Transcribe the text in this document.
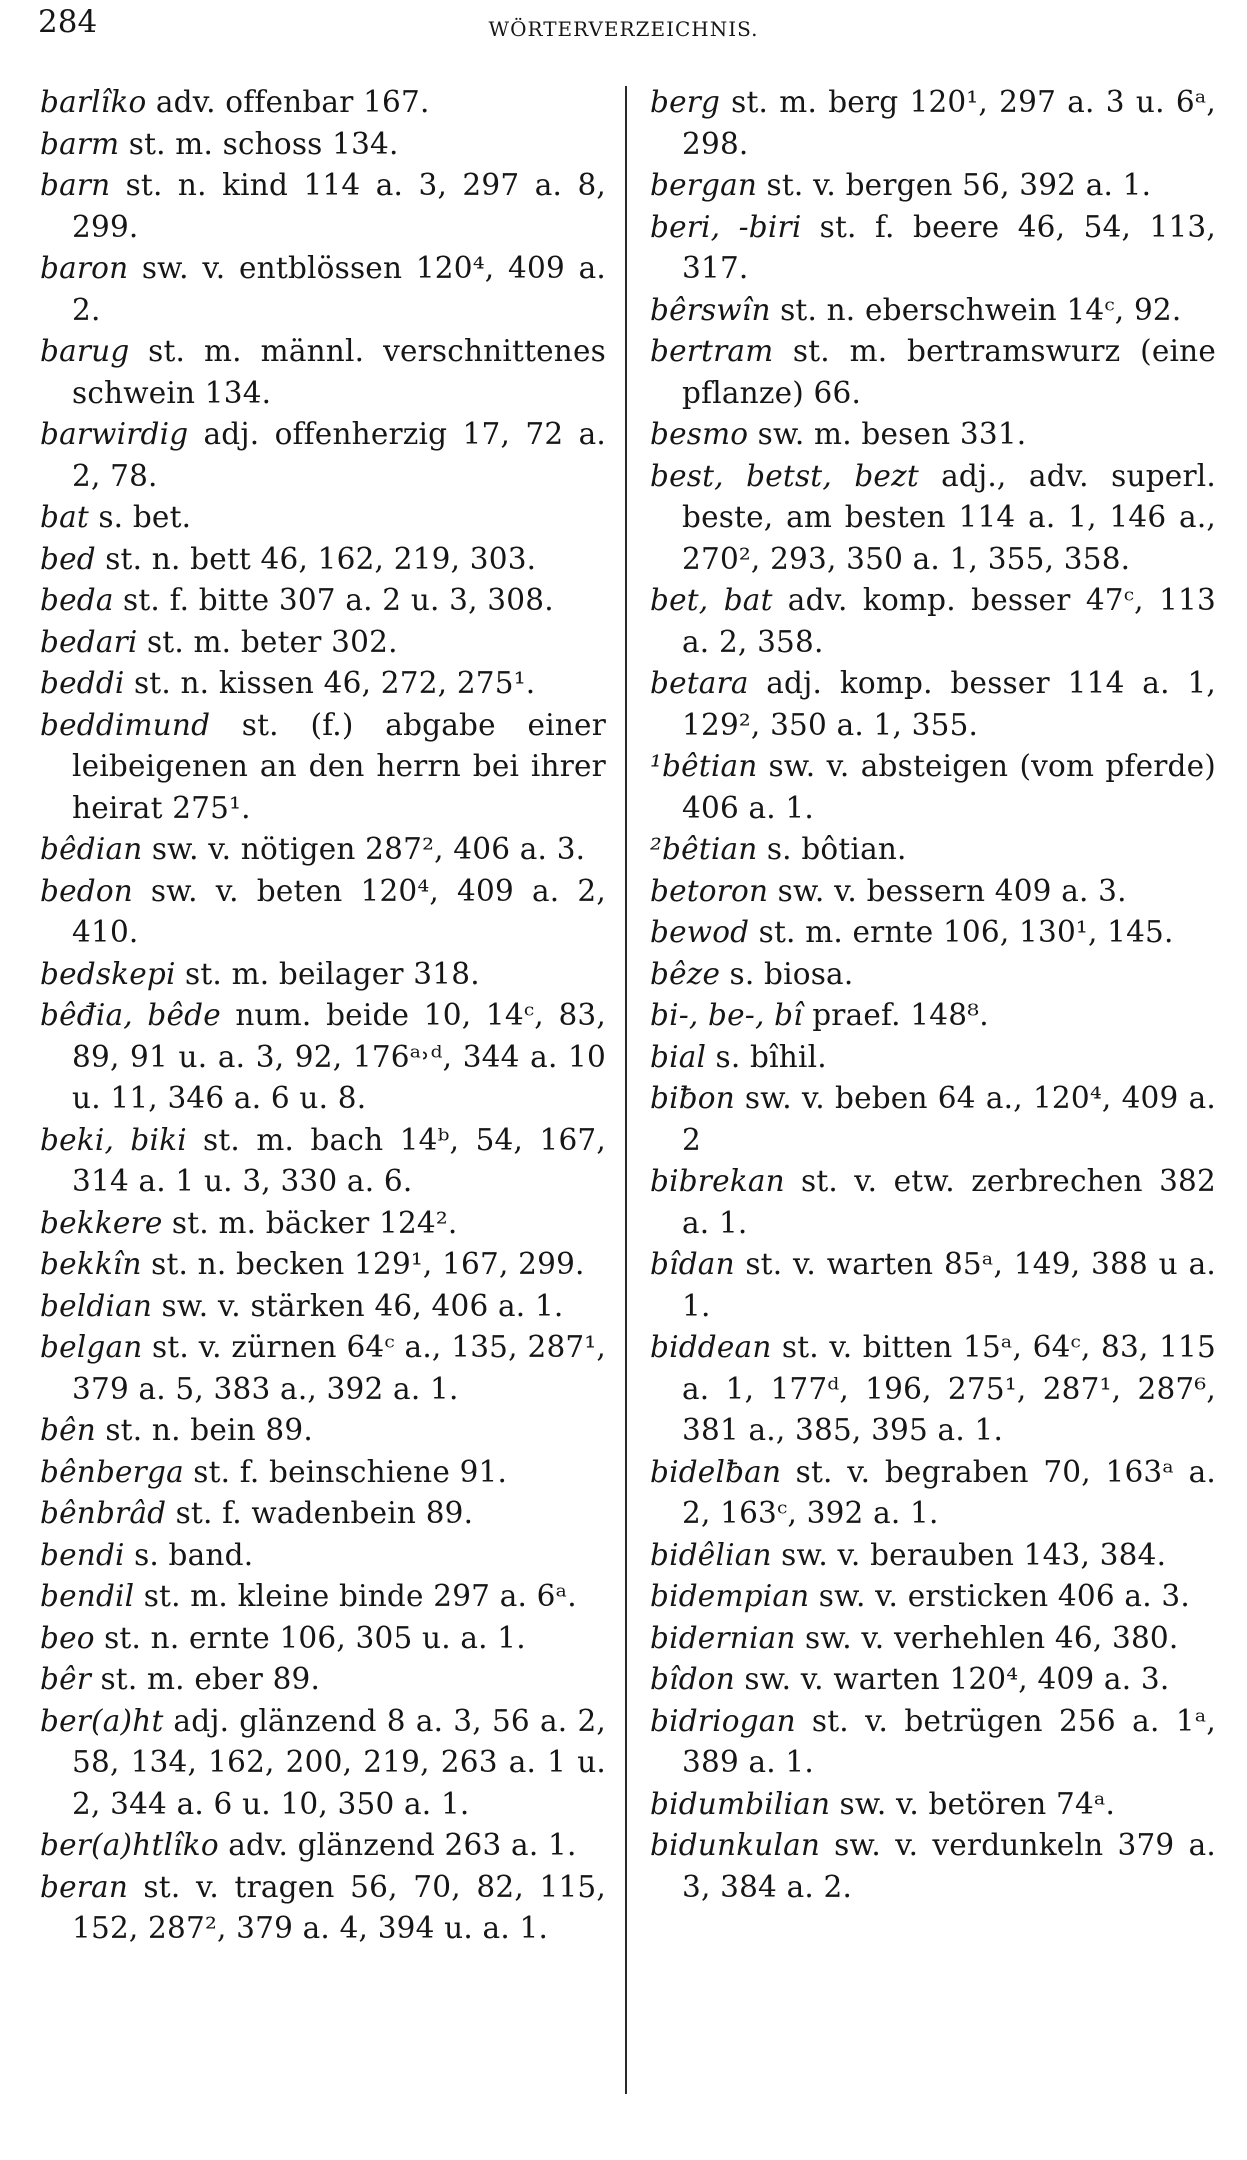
284	WÖRTERVERZEICHNIS.
barlîko adv. offenbar 167.
barm st. m. schoss 134.
barn st. n. kind 114 a. 3, 297 a. 8, 299.
baron sw. v. entblössen 120⁴, 409 a. 2.
barug st. m. männl. verschnittenes schwein 134.
barwirdig adj. offenherzig 17, 72 a. 2, 78.
bat s. bet.
bed st. n. bett 46, 162, 219, 303.
beda st. f. bitte 307 a. 2 u. 3, 308.
bedari st. m. beter 302.
beddi st. n. kissen 46, 272, 275¹.
beddimund st. (f.) abgabe einer leibeigenen an den herrn bei ihrer heirat 275¹.
bêdian sw. v. nötigen 287², 406 a. 3.
bedon sw. v. beten 120⁴, 409 a. 2, 410.
bedskepi st. m. beilager 318.
bêđia, bêde num. beide 10, 14ᶜ, 83, 89, 91 u. a. 3, 92, 176ᵃ˒ᵈ, 344 a. 10 u. 11, 346 a. 6 u. 8.
beki, biki st. m. bach 14ᵇ, 54, 167, 314 a. 1 u. 3, 330 a. 6.
bekkere st. m. bäcker 124².
bekkîn st. n. becken 129¹, 167, 299.
beldian sw. v. stärken 46, 406 a. 1.
belgan st. v. zürnen 64ᶜ a., 135, 287¹, 379 a. 5, 383 a., 392 a. 1.
bên st. n. bein 89.
bênberga st. f. beinschiene 91.
bênbrâd st. f. wadenbein 89.
bendi s. band.
bendil st. m. kleine binde 297 a. 6ᵃ.
beo st. n. ernte 106, 305 u. a. 1.
bêr st. m. eber 89.
ber(a)ht adj. glänzend 8 a. 3, 56 a. 2, 58, 134, 162, 200, 219, 263 a. 1 u. 2, 344 a. 6 u. 10, 350 a. 1.
ber(a)htlîko adv. glänzend 263 a. 1.
beran st. v. tragen 56, 70, 82, 115, 152, 287², 379 a. 4, 394 u. a. 1.
berg st. m. berg 120¹, 297 a. 3 u. 6ᵃ, 298.
bergan st. v. bergen 56, 392 a. 1.
beri, -biri st. f. beere 46, 54, 113, 317.
bêrswîn st. n. eberschwein 14ᶜ, 92.
bertram st. m. bertramswurz (eine pflanze) 66.
besmo sw. m. besen 331.
best, betst, bezt adj., adv. superl. beste, am besten 114 a. 1, 146 a., 270², 293, 350 a. 1, 355, 358.
bet, bat adv. komp. besser 47ᶜ, 113 a. 2, 358.
betara adj. komp. besser 114 a. 1, 129², 350 a. 1, 355.
¹bêtian sw. v. absteigen (vom pferde) 406 a. 1.
²bêtian s. bôtian.
betoron sw. v. bessern 409 a. 3.
bewod st. m. ernte 106, 130¹, 145.
bêze s. biosa.
bi-, be-, bî praef. 148⁸.
bial s. bîhil.
biƀon sw. v. beben 64 a., 120⁴, 409 a. 2
bibrekan st. v. etw. zerbrechen 382 a. 1.
bîdan st. v. warten 85ᵃ, 149, 388 u a. 1.
biddean st. v. bitten 15ᵃ, 64ᶜ, 83, 115 a. 1, 177ᵈ, 196, 275¹, 287¹, 287⁶, 381 a., 385, 395 a. 1.
bidelƀan st. v. begraben 70, 163ᵃ a. 2, 163ᶜ, 392 a. 1.
bidêlian sw. v. berauben 143, 384.
bidempian sw. v. ersticken 406 a. 3.
bidernian sw. v. verhehlen 46, 380.
bîdon sw. v. warten 120⁴, 409 a. 3.
bidriogan st. v. betrügen 256 a. 1ᵃ, 389 a. 1.
bidumbilian sw. v. betören 74ᵃ.
bidunkulan sw. v. verdunkeln 379 a. 3, 384 a. 2.
